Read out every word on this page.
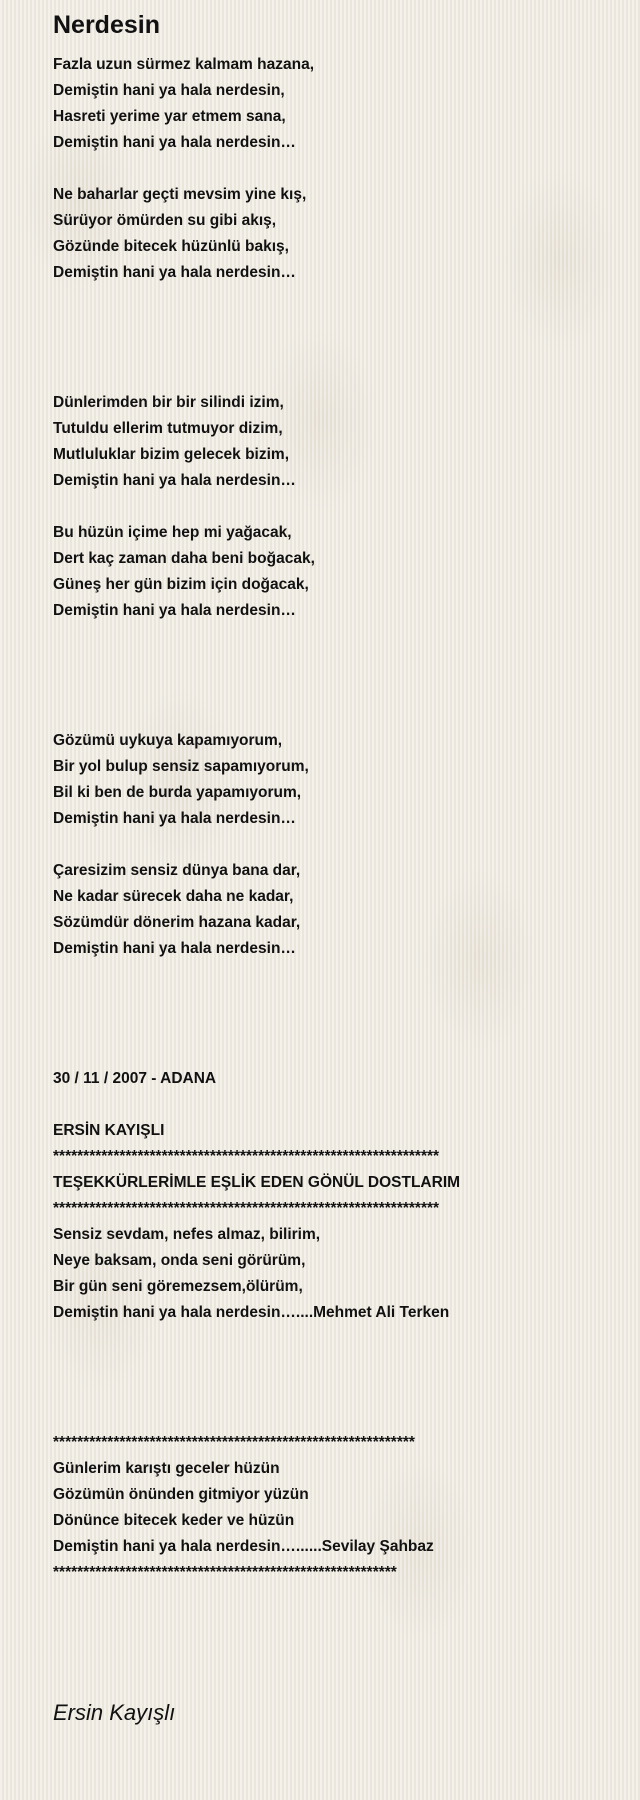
Nerdesin
Fazla uzun sürmez kalmam hazana,
Demiştin hani ya hala nerdesin,
Hasreti yerime yar etmem sana,
Demiştin hani ya hala nerdesin…
Ne baharlar geçti mevsim yine kış,
Sürüyor ömürden su gibi akış,
Gözünde bitecek hüzünlü bakış,
Demiştin hani ya hala nerdesin…
Dünlerimden bir bir silindi izim,
Tutuldu ellerim tutmuyor dizim,
Mutluluklar bizim gelecek bizim,
Demiştin hani ya hala nerdesin…
Bu hüzün içime hep mi yağacak,
Dert kaç zaman daha beni boğacak,
Güneş her gün bizim için doğacak,
Demiştin hani ya hala nerdesin…
Gözümü uykuya kapamıyorum,
Bir yol bulup sensiz sapamıyorum,
Bil ki ben de burda yapamıyorum,
Demiştin hani ya hala nerdesin…
Çaresizim sensiz dünya bana dar,
Ne kadar sürecek daha ne kadar,
Sözümdür dönerim hazana kadar,
Demiştin hani ya hala nerdesin…
30 / 11 / 2007 - ADANA
ERSİN KAYIŞLI
****************************************************************
TEŞEKKÜRLERİMLE EŞLİK EDEN GÖNÜL DOSTLARIM
****************************************************************
Sensiz sevdam, nefes almaz, bilirim,
Neye baksam, onda seni görürüm,
Bir gün seni göremezsem,ölürüm,
Demiştin hani ya hala nerdesin…....Mehmet Ali Terken
************************************************************
Günlerim karıştı geceler hüzün
Gözümün önünden gitmiyor yüzün
Dönünce bitecek keder ve hüzün
Demiştin hani ya hala nerdesin…......Sevilay Şahbaz
*********************************************************
Ersin Kayışlı
